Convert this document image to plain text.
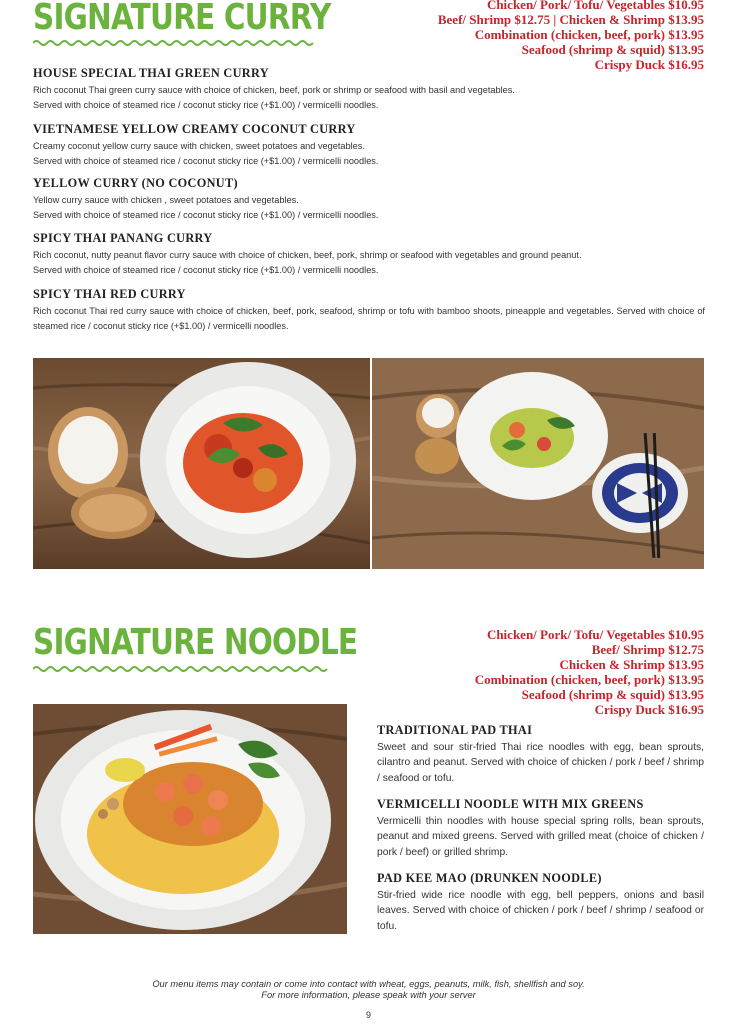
SIGNATURE CURRY	Chicken/ Pork/ Tofu/ Vegetables $10.95
Beef/ Shrimp $12.75 | Chicken & Shrimp $13.95
Combination (chicken, beef, pork) $13.95
Seafood (shrimp & squid) $13.95
Crispy Duck $16.95
HOUSE SPECIAL THAI GREEN CURRY
Rich coconut Thai green curry sauce with choice of chicken, beef, pork or shrimp or seafood with basil and vegetables.
Served with choice of steamed rice / coconut sticky rice (+$1.00) / vermicelli noodles.
VIETNAMESE YELLOW CREAMY COCONUT CURRY
Creamy coconut yellow curry sauce with chicken, sweet potatoes and vegetables.
Served with choice of steamed rice / coconut sticky rice (+$1.00) / vermicelli noodles.
YELLOW CURRY (NO COCONUT)
Yellow curry sauce with chicken , sweet potatoes and vegetables.
Served with choice of steamed rice / coconut sticky rice (+$1.00) / vermicelli noodles.
SPICY THAI PANANG CURRY
Rich coconut, nutty peanut flavor curry sauce with choice of chicken, beef, pork, shrimp or seafood with vegetables and ground peanut.
Served with choice of steamed rice / coconut sticky rice (+$1.00) / vermicelli noodles.
SPICY THAI RED CURRY
Rich coconut Thai red curry sauce with choice of chicken, beef, pork, seafood, shrimp or tofu with bamboo shoots, pineapple and vegetables. Served with choice of steamed rice / coconut sticky rice (+$1.00) / vermicelli noodles.
SIGNATURE NOODLE	Chicken/ Pork/ Tofu/ Vegetables $10.95
Beef/ Shrimp $12.75
Chicken & Shrimp $13.95
Combination (chicken, beef, pork) $13.95
Seafood (shrimp & squid) $13.95
Crispy Duck $16.95
TRADITIONAL PAD THAI
Sweet and sour stir-fried Thai rice noodles with egg, bean sprouts, cilantro and peanut. Served with choice of chicken / pork / beef / shrimp / seafood or tofu.
VERMICELLI NOODLE WITH MIX GREENS
Vermicelli thin noodles with house special spring rolls, bean sprouts, peanut and mixed greens. Served with grilled meat (choice of chicken / pork / beef) or grilled shrimp.
PAD KEE MAO (DRUNKEN NOODLE)
Stir-fried wide rice noodle with egg, bell peppers, onions and basil leaves. Served with choice of chicken / pork / beef / shrimp / seafood or tofu.
Our menu items may contain or come into contact with wheat, eggs, peanuts, milk, fish, shellfish and soy.
For more information, please speak with your server
9
